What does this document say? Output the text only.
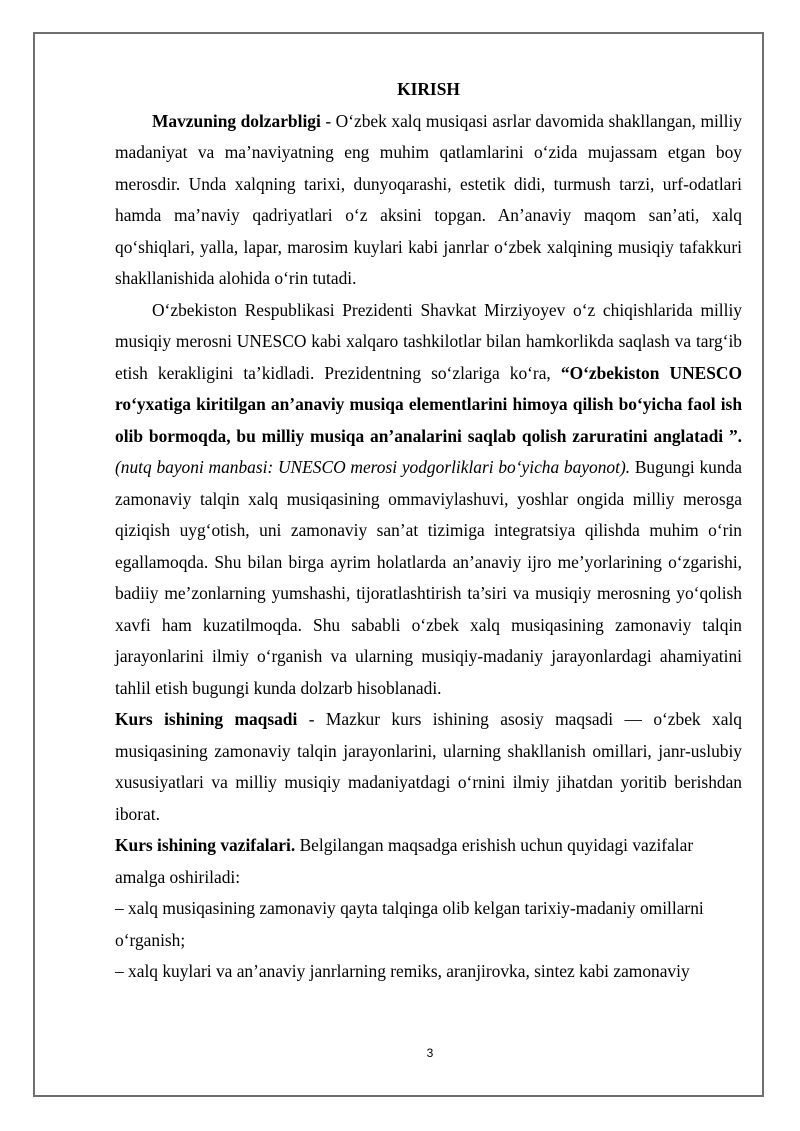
KIRISH

Mavzuning dolzarbligi - O‘zbek xalq musiqasi asrlar davomida shakllangan, milliy madaniyat va ma’naviyatning eng muhim qatlamlarini o‘zida mujassam etgan boy merosdir. Unda xalqning tarixi, dunyoqarashi, estetik didi, turmush tarzi, urf-odatlari hamda ma’naviy qadriyatlari o‘z aksini topgan. An’anaviy maqom san’ati, xalq qo‘shiqlari, yalla, lapar, marosim kuylari kabi janrlar o‘zbek xalqining musiqiy tafakkuri shakllanishida alohida o‘rin tutadi.

O‘zbekiston Respublikasi Prezidenti Shavkat Mirziyoyev o‘z chiqishlarida milliy musiqiy merosni UNESCO kabi xalqaro tashkilotlar bilan hamkorlikda saqlash va targ‘ib etish kerakligini ta’kidladi. Prezidentning so‘zlariga ko‘ra, “O‘zbekiston UNESCO ro‘yxatiga kiritilgan an’anaviy musiqa elementlarini himoya qilish bo‘yicha faol ish olib bormoqda, bu milliy musiqa an’analarini saqlab qolish zaruratini anglatadi ”. (nutq bayoni manbasi: UNESCO merosi yodgorliklari bo‘yicha bayonot). Bugungi kunda zamonaviy talqin xalq musiqasining ommaviylashuvi, yoshlar ongida milliy merosga qiziqish uyg‘otish, uni zamonaviy san’at tizimiga integratsiya qilishda muhim o‘rin egallamoqda. Shu bilan birga ayrim holatlarda an’anaviy ijro me’yorlarining o‘zgarishi, badiiy me’zonlarning yumshashi, tijoratlashtirish ta’siri va musiqiy merosning yo‘qolish xavfi ham kuzatilmoqda. Shu sababli o‘zbek xalq musiqasining zamonaviy talqin jarayonlarini ilmiy o‘rganish va ularning musiqiy-madaniy jarayonlardagi ahamiyatini tahlil etish bugungi kunda dolzarb hisoblanadi.

Kurs ishining maqsadi - Mazkur kurs ishining asosiy maqsadi — o‘zbek xalq musiqasining zamonaviy talqin jarayonlarini, ularning shakllanish omillari, janr-uslubiy xususiyatlari va milliy musiqiy madaniyatdagi o‘rnini ilmiy jihatdan yoritib berishdan iborat.

Kurs ishining vazifalari. Belgilangan maqsadga erishish uchun quyidagi vazifalar amalga oshiriladi:

– xalq musiqasining zamonaviy qayta talqinga olib kelgan tarixiy-madaniy omillarni o‘rganish;

– xalq kuylari va an’anaviy janrlarning remiks, aranjirovka, sintez kabi zamonaviy

3
